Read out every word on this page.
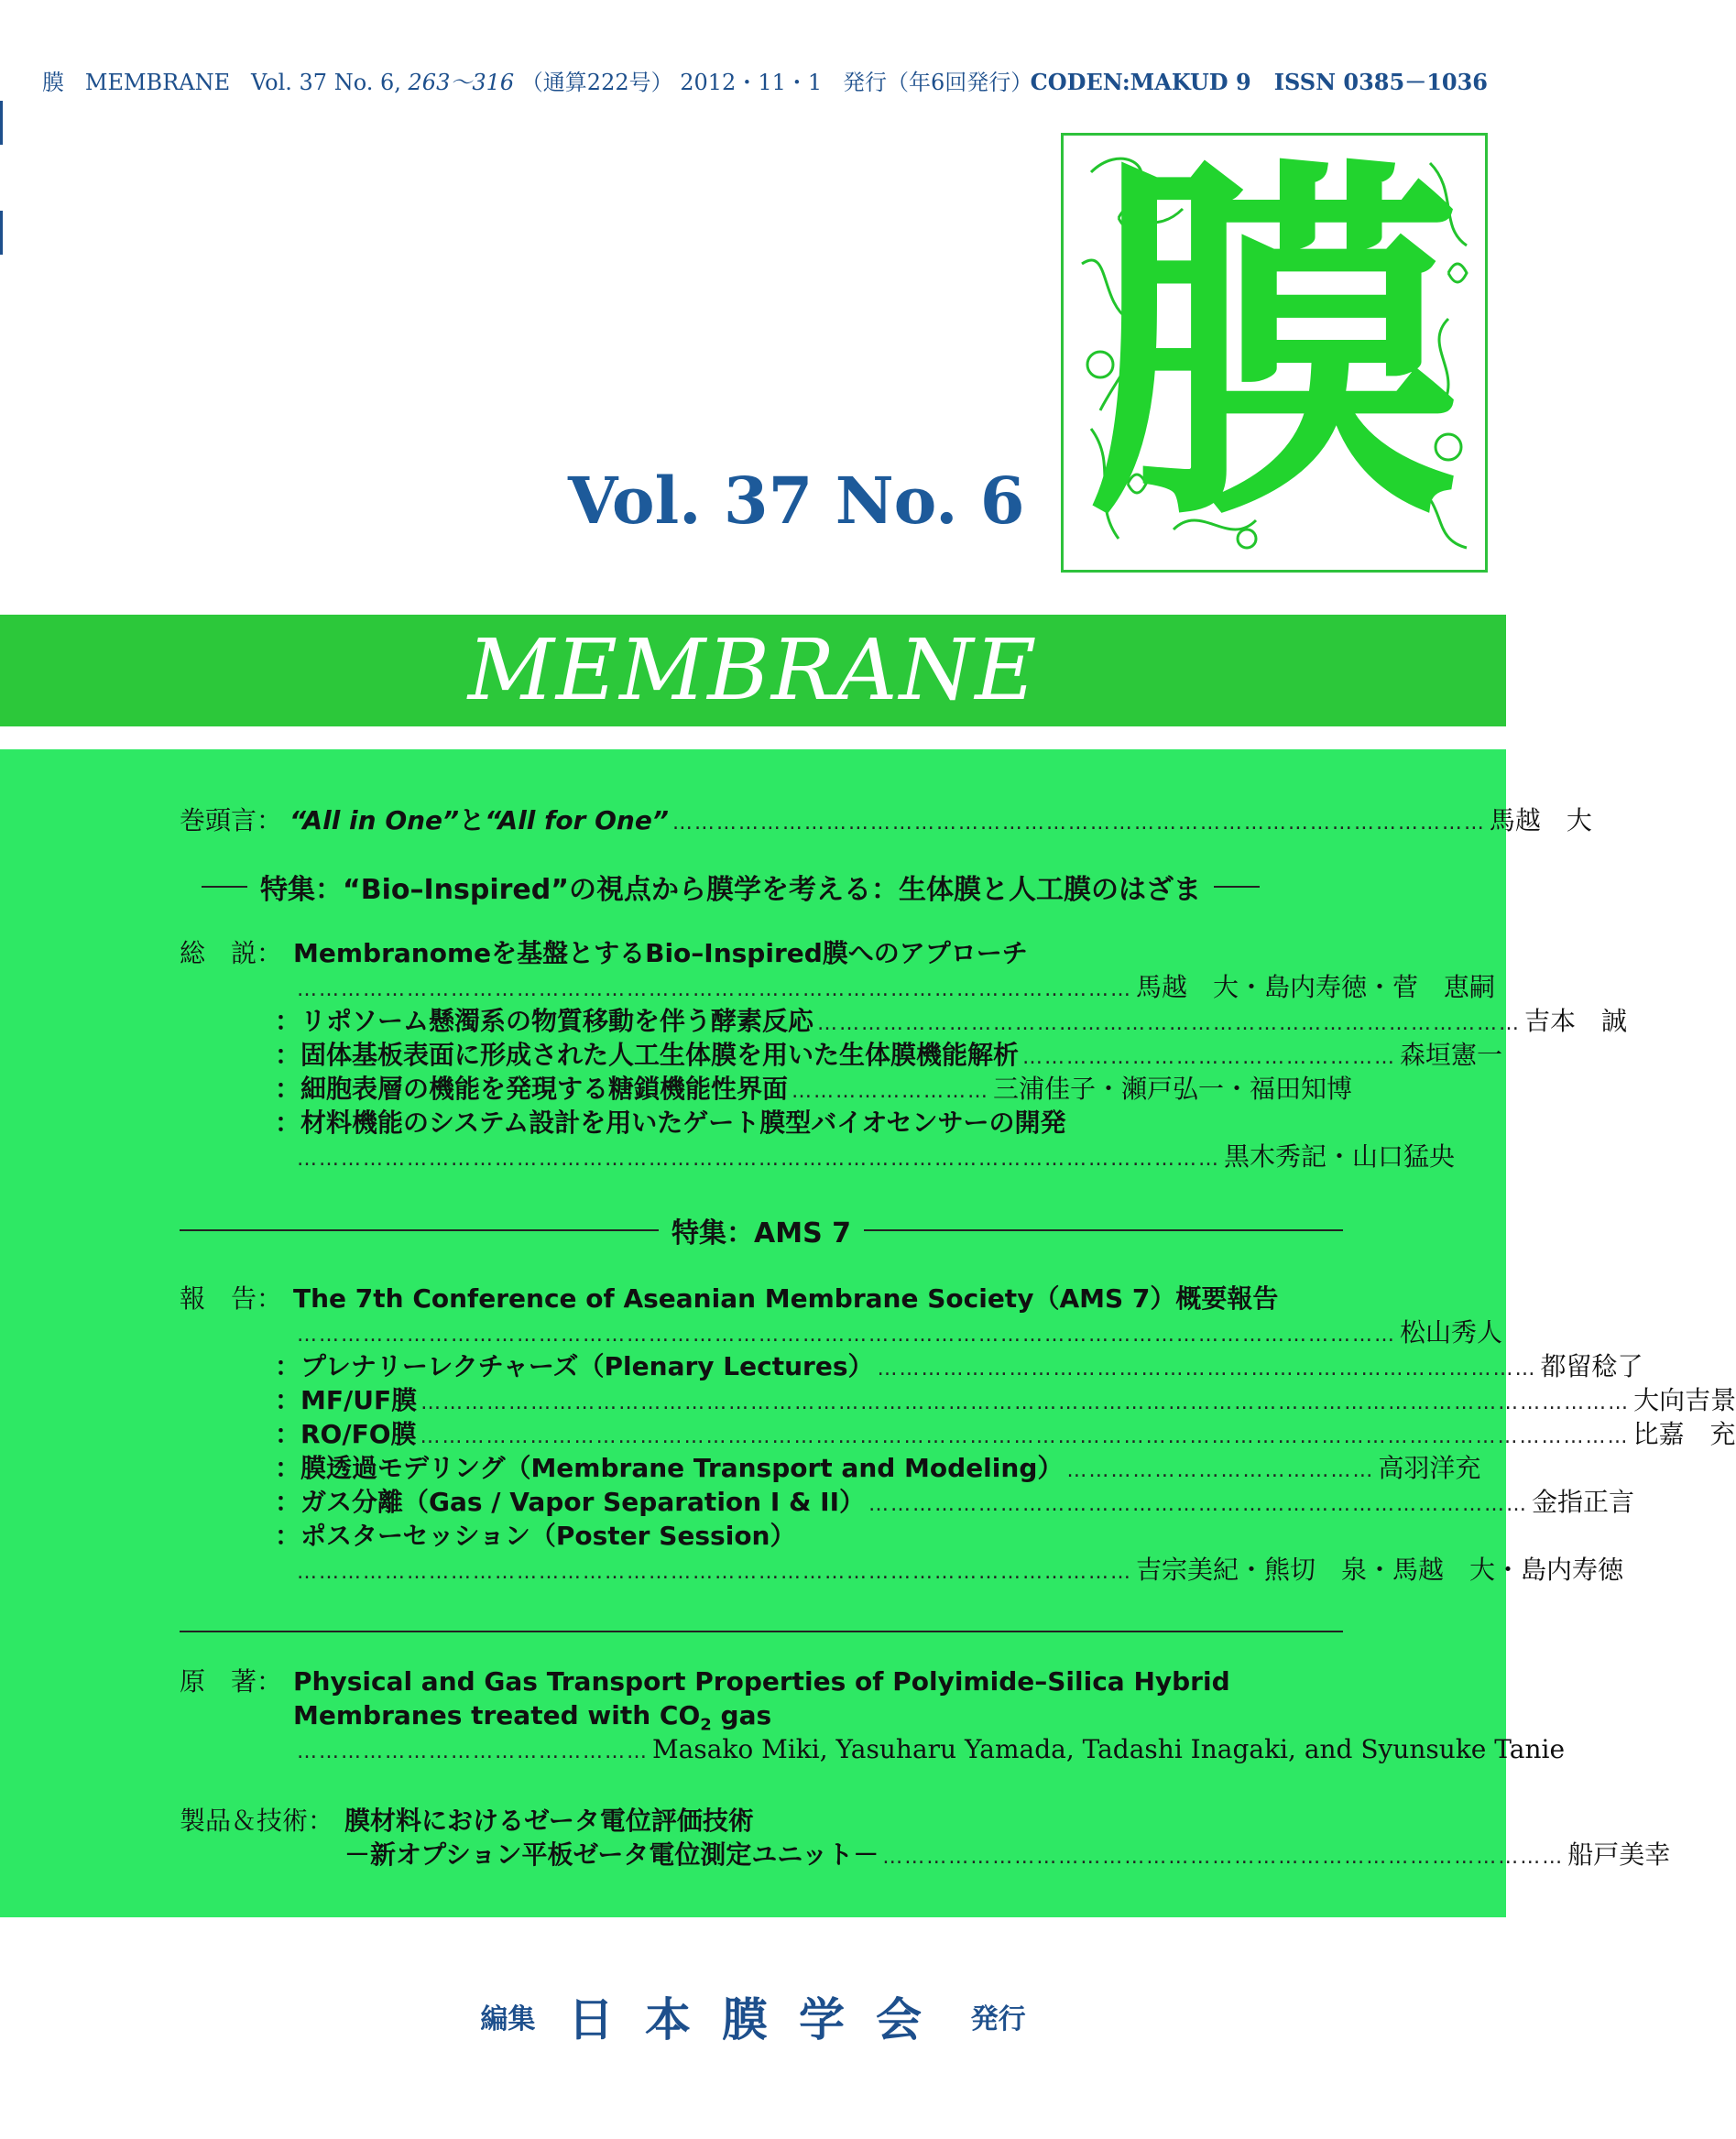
膜 MEMBRANE Vol. 37 No. 6, 263～316 （通算222号） 2012・11・1 発行（年6回発行）
CODEN:MAKUD 9 ISSN 0385－1036
Vol. 37 No. 6 膜
MEMBRANE
巻頭言： “All in One” と “All for One” ………………………………………………………………………………………………… 馬越　大
特集：“Bio–Inspired”の視点から膜学を考える：生体膜と人工膜のはざま
総　説： Membranomeを基盤とするBio–Inspired膜へのアプローチ
…………………………………………………………………………………………………… 馬越　大・島内寿徳・菅　恵嗣
：リポソーム懸濁系の物質移動を伴う酵素反応 …………………………………………………………………………………… 吉本　誠
：固体基板表面に形成された人工生体膜を用いた生体膜機能解析 …………………………………………… 森垣憲一
：細胞表層の機能を発現する糖鎖機能性界面 ……………………… 三浦佳子・瀬戸弘一・福田知博
：材料機能のシステム設計を用いたゲート膜型バイオセンサーの開発
……………………………………………………………………………………………………………… 黒木秀記・山口猛央
特集：AMS 7
報　告： The 7th Conference of Aseanian Membrane Society（AMS 7）概要報告
…………………………………………………………………………………………………………………………………… 松山秀人
：プレナリーレクチャーズ（Plenary Lectures） ……………………………………………………………………………… 都留稔了
：MF/UF膜 ………………………………………………………………………………………………………………………………………………… 大向吉景
：RO/FO膜 ………………………………………………………………………………………………………………………………………………… 比嘉　充
：膜透過モデリング（Membrane Transport and Modeling） …………………………………… 高羽洋充
：ガス分離（Gas / Vapor Separation I & II） ……………………………………………………………………………… 金指正言
：ポスターセッション（Poster Session）
…………………………………………………………………………………………………… 吉宗美紀・熊切　泉・馬越　大・島内寿徳
原　著： Physical and Gas Transport Properties of Polyimide–Silica Hybrid
Membranes treated with $CO_2$ gas
………………………………………… Masako Miki, Yasuharu Yamada, Tadashi Inagaki, and Syunsuke Tanie
製品＆技術： 膜材料におけるゼータ電位評価技術
－新オプション平板ゼータ電位測定ユニット－ ………………………………………………………………………………… 船戸美幸
編集 日本膜学会 発行
